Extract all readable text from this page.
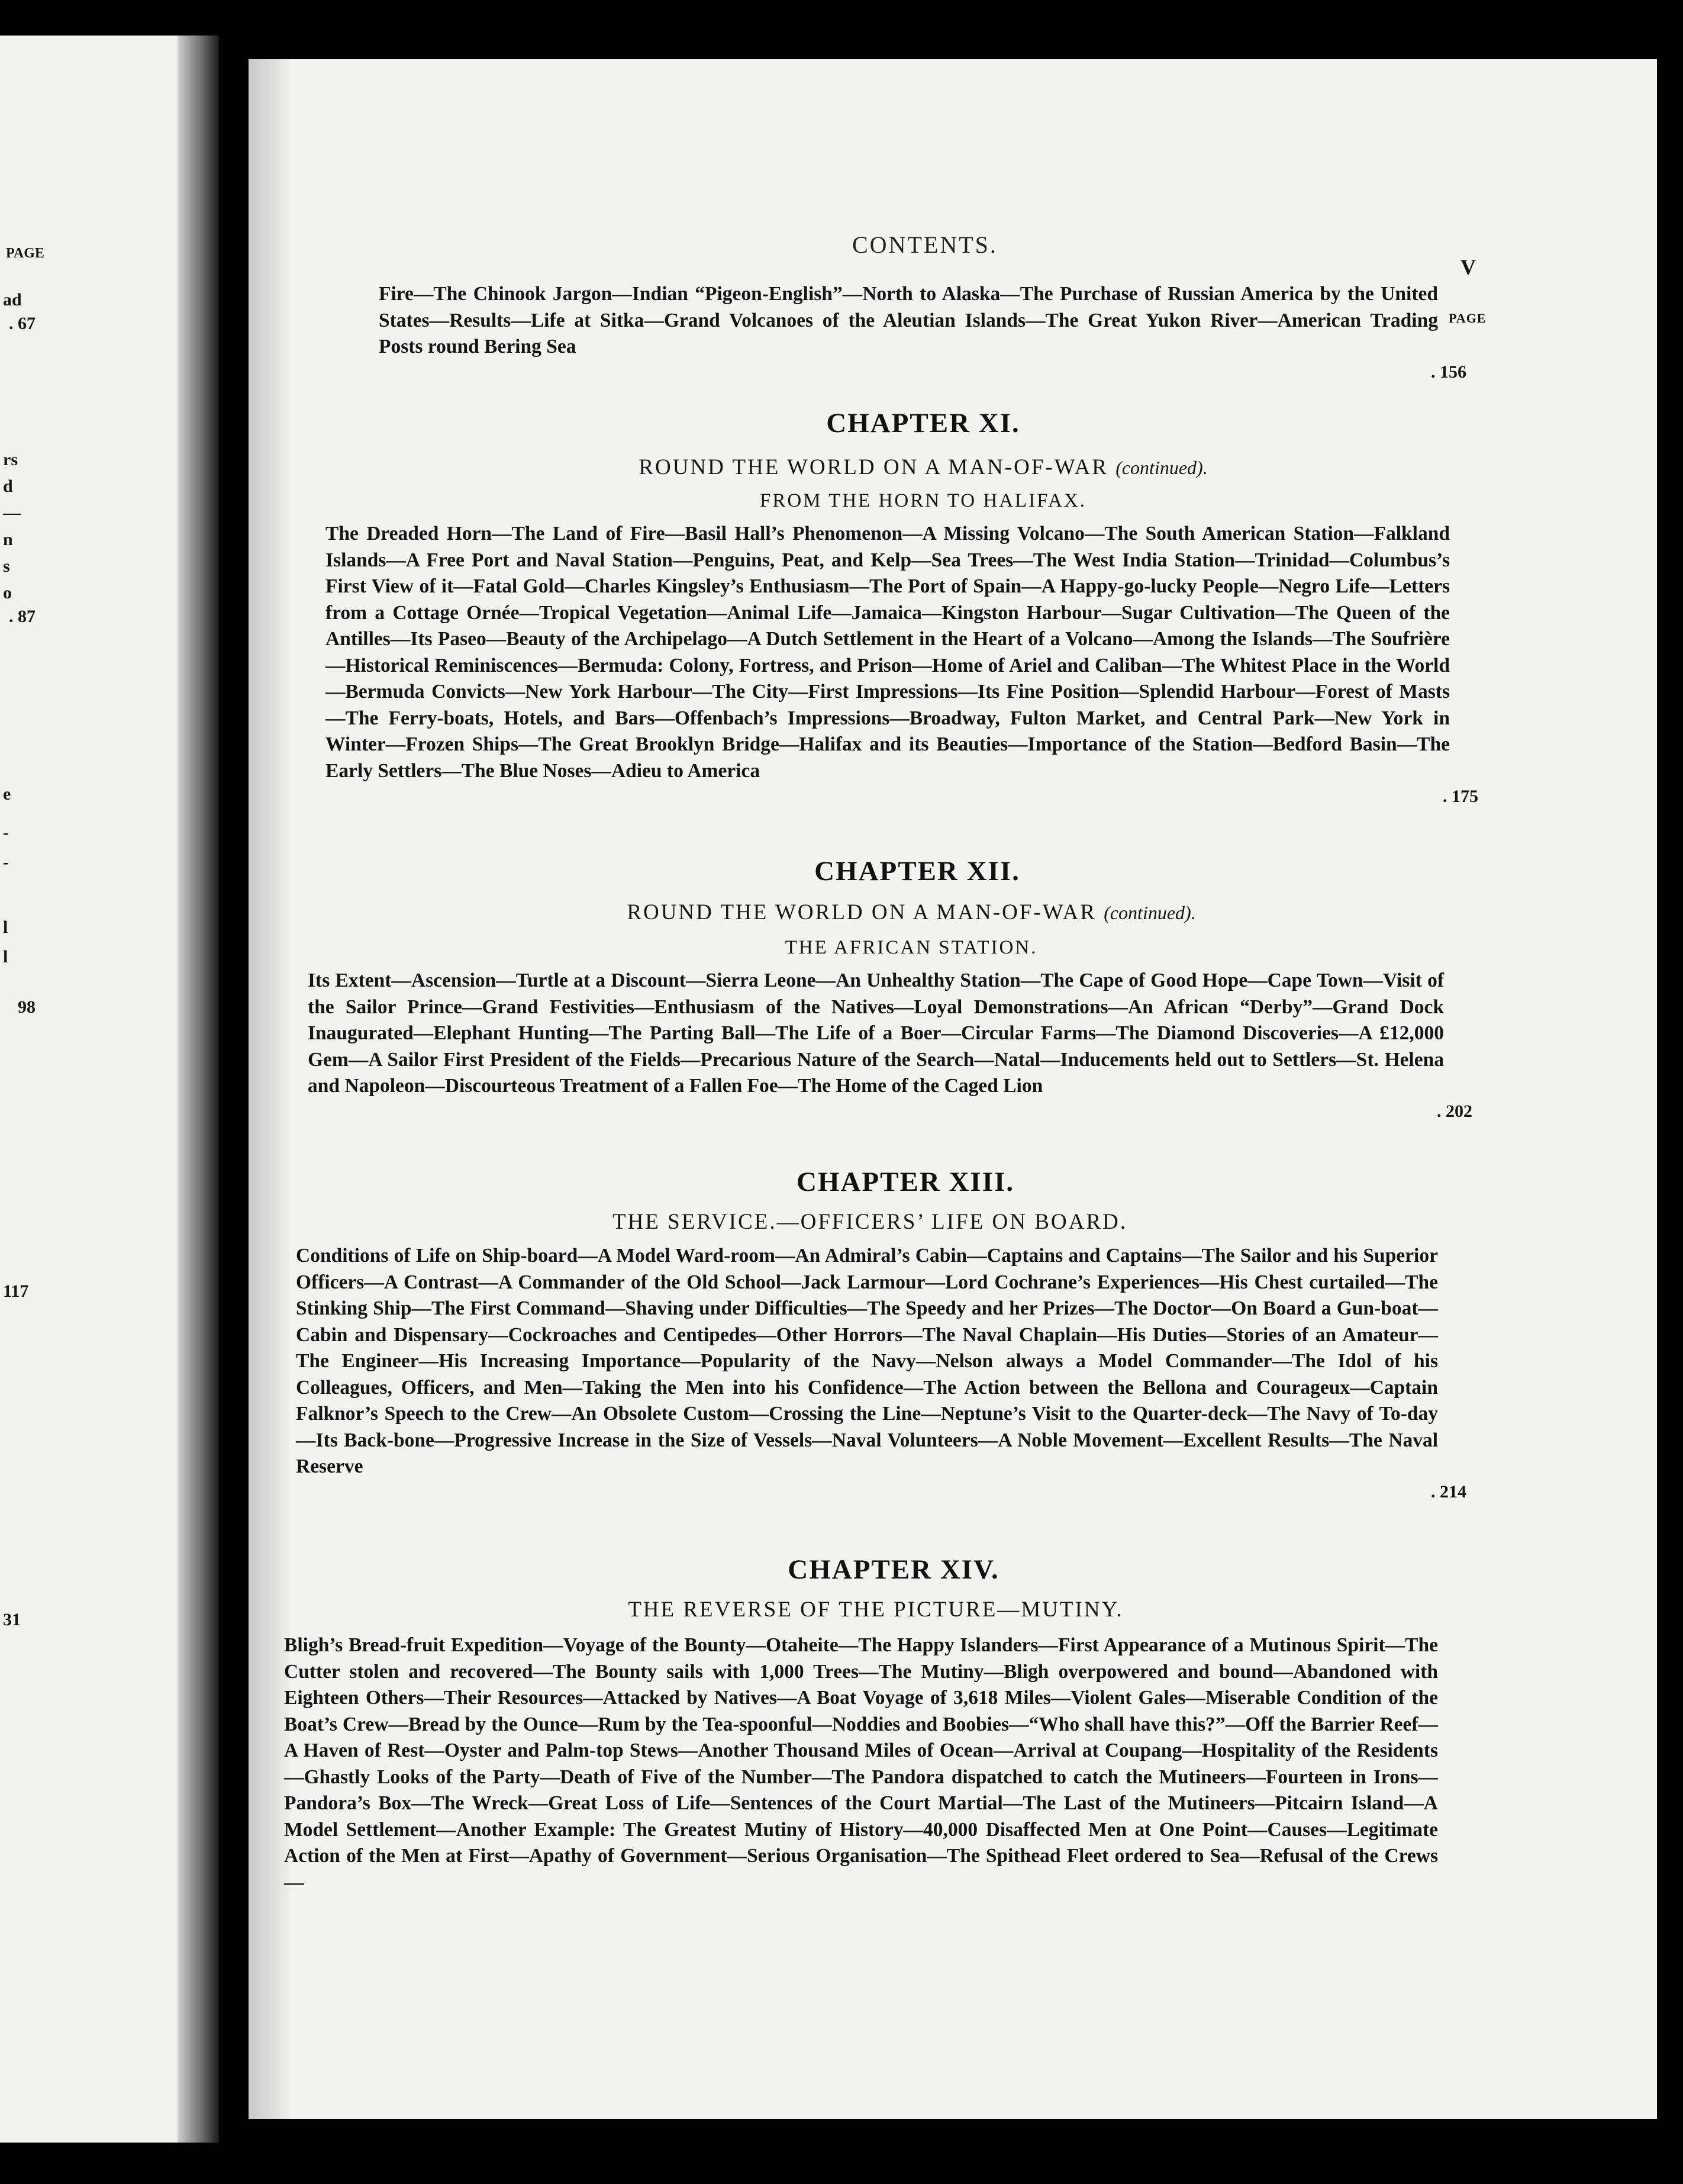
PAGE
ad
. 67
rs
d
—
n
s
o
. 87
e
-
-
l
l
98
117
31
CONTENTS.
V
PAGE
Fire—The Chinook Jargon—Indian “Pigeon-English”—North to Alaska—The Purchase of Russian America by the United States—Results—Life at Sitka—Grand Volcanoes of the Aleutian Islands—The Great Yukon River—American Trading Posts round Bering Sea
. 156
CHAPTER XI.
ROUND THE WORLD ON A MAN-OF-WAR (continued).
FROM THE HORN TO HALIFAX.
The Dreaded Horn—The Land of Fire—Basil Hall’s Phenomenon—A Missing Volcano—The South American Station—Falkland Islands—A Free Port and Naval Station—Penguins, Peat, and Kelp—Sea Trees—The West India Station—Trinidad—Columbus’s First View of it—Fatal Gold—Charles Kingsley’s Enthusiasm—The Port of Spain—A Happy-go-lucky People—Negro Life—Letters from a Cottage Ornée—Tropical Vegetation—Animal Life—Jamaica—Kingston Harbour—Sugar Cultivation—The Queen of the Antilles—Its Paseo—Beauty of the Archipelago—A Dutch Settlement in the Heart of a Volcano—Among the Islands—The Soufrière—Historical Reminiscences—Bermuda: Colony, Fortress, and Prison—Home of Ariel and Caliban—The Whitest Place in the World—Bermuda Convicts—New York Harbour—The City—First Impressions—Its Fine Position—Splendid Harbour—Forest of Masts—The Ferry-boats, Hotels, and Bars—Offenbach’s Impressions—Broadway, Fulton Market, and Central Park—New York in Winter—Frozen Ships—The Great Brooklyn Bridge—Halifax and its Beauties—Importance of the Station—Bedford Basin—The Early Settlers—The Blue Noses—Adieu to America
. 175
CHAPTER XII.
ROUND THE WORLD ON A MAN-OF-WAR (continued).
THE AFRICAN STATION.
Its Extent—Ascension—Turtle at a Discount—Sierra Leone—An Unhealthy Station—The Cape of Good Hope—Cape Town—Visit of the Sailor Prince—Grand Festivities—Enthusiasm of the Natives—Loyal Demonstrations—An African “Derby”—Grand Dock Inaugurated—Elephant Hunting—The Parting Ball—The Life of a Boer—Circular Farms—The Diamond Discoveries—A £12,000 Gem—A Sailor First President of the Fields—Precarious Nature of the Search—Natal—Inducements held out to Settlers—St. Helena and Napoleon—Discourteous Treatment of a Fallen Foe—The Home of the Caged Lion
. 202
CHAPTER XIII.
THE SERVICE.—OFFICERS’ LIFE ON BOARD.
Conditions of Life on Ship-board—A Model Ward-room—An Admiral’s Cabin—Captains and Captains—The Sailor and his Superior Officers—A Contrast—A Commander of the Old School—Jack Larmour—Lord Cochrane’s Experiences—His Chest curtailed—The Stinking Ship—The First Command—Shaving under Difficulties—The Speedy and her Prizes—The Doctor—On Board a Gun-boat—Cabin and Dispensary—Cockroaches and Centipedes—Other Horrors—The Naval Chaplain—His Duties—Stories of an Amateur—The Engineer—His Increasing Importance—Popularity of the Navy—Nelson always a Model Commander—The Idol of his Colleagues, Officers, and Men—Taking the Men into his Confidence—The Action between the Bellona and Courageux—Captain Falknor’s Speech to the Crew—An Obsolete Custom—Crossing the Line—Neptune’s Visit to the Quarter-deck—The Navy of To-day—Its Back-bone—Progressive Increase in the Size of Vessels—Naval Volunteers—A Noble Movement—Excellent Results—The Naval Reserve
. 214
CHAPTER XIV.
THE REVERSE OF THE PICTURE—MUTINY.
Bligh’s Bread-fruit Expedition—Voyage of the Bounty—Otaheite—The Happy Islanders—First Appearance of a Mutinous Spirit—The Cutter stolen and recovered—The Bounty sails with 1,000 Trees—The Mutiny—Bligh overpowered and bound—Abandoned with Eighteen Others—Their Resources—Attacked by Natives—A Boat Voyage of 3,618 Miles—Violent Gales—Miserable Condition of the Boat’s Crew—Bread by the Ounce—Rum by the Tea-spoonful—Noddies and Boobies—“Who shall have this?”—Off the Barrier Reef—A Haven of Rest—Oyster and Palm-top Stews—Another Thousand Miles of Ocean—Arrival at Coupang—Hospitality of the Residents—Ghastly Looks of the Party—Death of Five of the Number—The Pandora dispatched to catch the Mutineers—Fourteen in Irons—Pandora’s Box—The Wreck—Great Loss of Life—Sentences of the Court Martial—The Last of the Mutineers—Pitcairn Island—A Model Settlement—Another Example: The Greatest Mutiny of History—40,000 Disaffected Men at One Point—Causes—Legitimate Action of the Men at First—Apathy of Government—Serious Organisation—The Spithead Fleet ordered to Sea—Refusal of the Crews—
